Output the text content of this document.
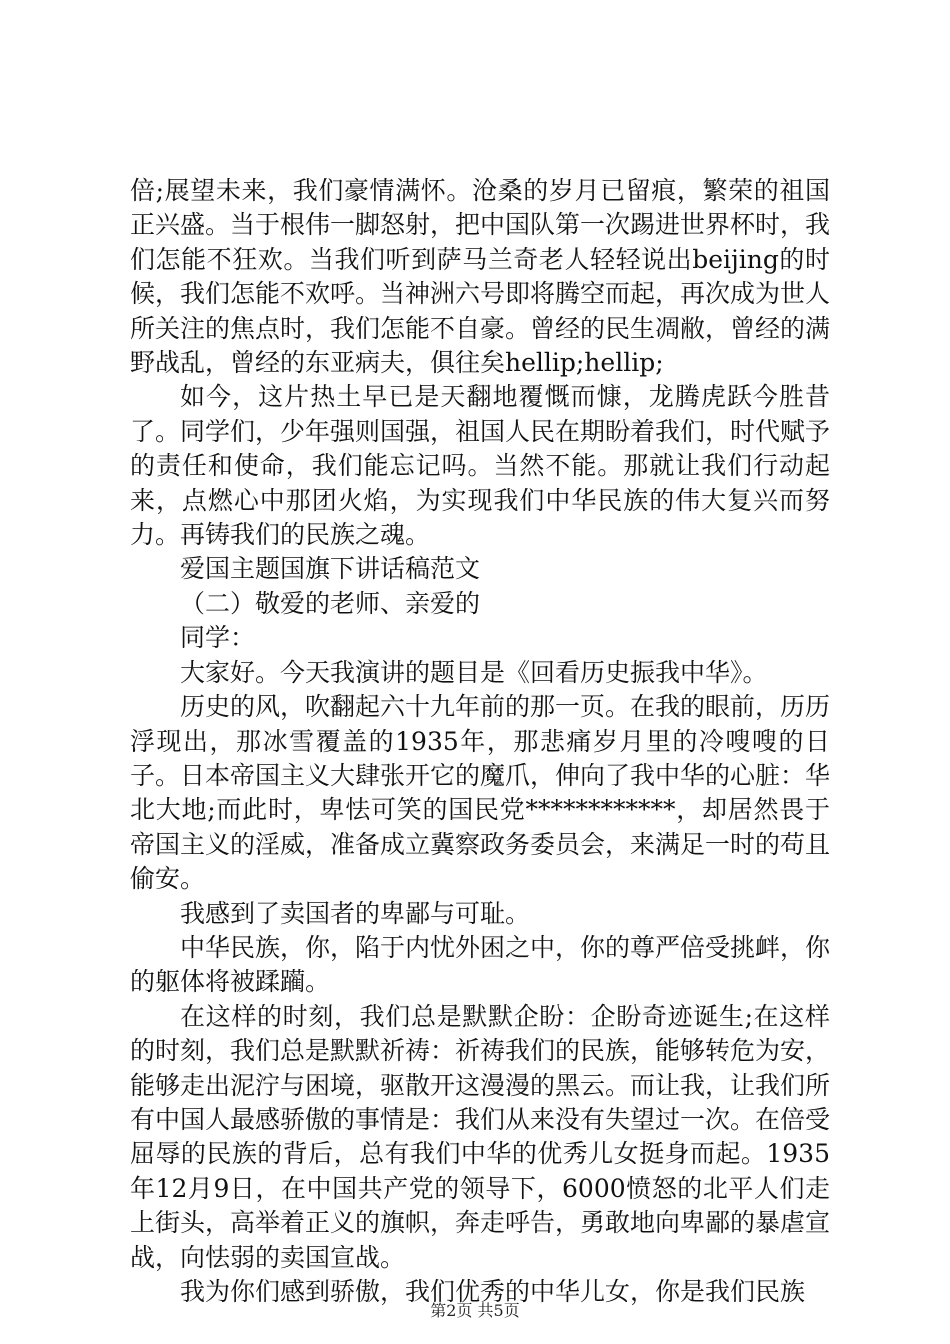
倍;展望未来，我们豪情满怀。沧桑的岁月已留痕，繁荣的祖国正兴盛。当于根伟一脚怒射，把中国队第一次踢进世界杯时，我们怎能不狂欢。当我们听到萨马兰奇老人轻轻说出beijing的时候，我们怎能不欢呼。当神洲六号即将腾空而起，再次成为世人所关注的焦点时，我们怎能不自豪。曾经的民生凋敝，曾经的满野战乱，曾经的东亚病夫，俱往矣hellip;hellip;

如今，这片热土早已是天翻地覆慨而慷，龙腾虎跃今胜昔了。同学们，少年强则国强，祖国人民在期盼着我们，时代赋予的责任和使命，我们能忘记吗。当然不能。那就让我们行动起来，点燃心中那团火焰，为实现我们中华民族的伟大复兴而努力。再铸我们的民族之魂。

爱国主题国旗下讲话稿范文

（二）敬爱的老师、亲爱的

同学：

大家好。今天我演讲的题目是《回看历史振我中华》。

历史的风，吹翻起六十九年前的那一页。在我的眼前，历历浮现出，那冰雪覆盖的1935年，那悲痛岁月里的冷嗖嗖的日子。日本帝国主义大肆张开它的魔爪，伸向了我中华的心脏：华北大地;而此时，卑怯可笑的国民党************，却居然畏于帝国主义的淫威，准备成立冀察政务委员会，来满足一时的苟且偷安。

我感到了卖国者的卑鄙与可耻。

中华民族，你，陷于内忧外困之中，你的尊严倍受挑衅，你的躯体将被蹂躏。

在这样的时刻，我们总是默默企盼：企盼奇迹诞生;在这样的时刻，我们总是默默祈祷：祈祷我们的民族，能够转危为安，能够走出泥泞与困境，驱散开这漫漫的黑云。而让我，让我们所有中国人最感骄傲的事情是：我们从来没有失望过一次。在倍受屈辱的民族的背后，总有我们中华的优秀儿女挺身而起。1935年12月9日，在中国共产党的领导下，6000愤怒的北平人们走上街头，高举着正义的旗帜，奔走呼告，勇敢地向卑鄙的暴虐宣战，向怯弱的卖国宣战。

我为你们感到骄傲，我们优秀的中华儿女，你是我们民族

第2页 共5页
